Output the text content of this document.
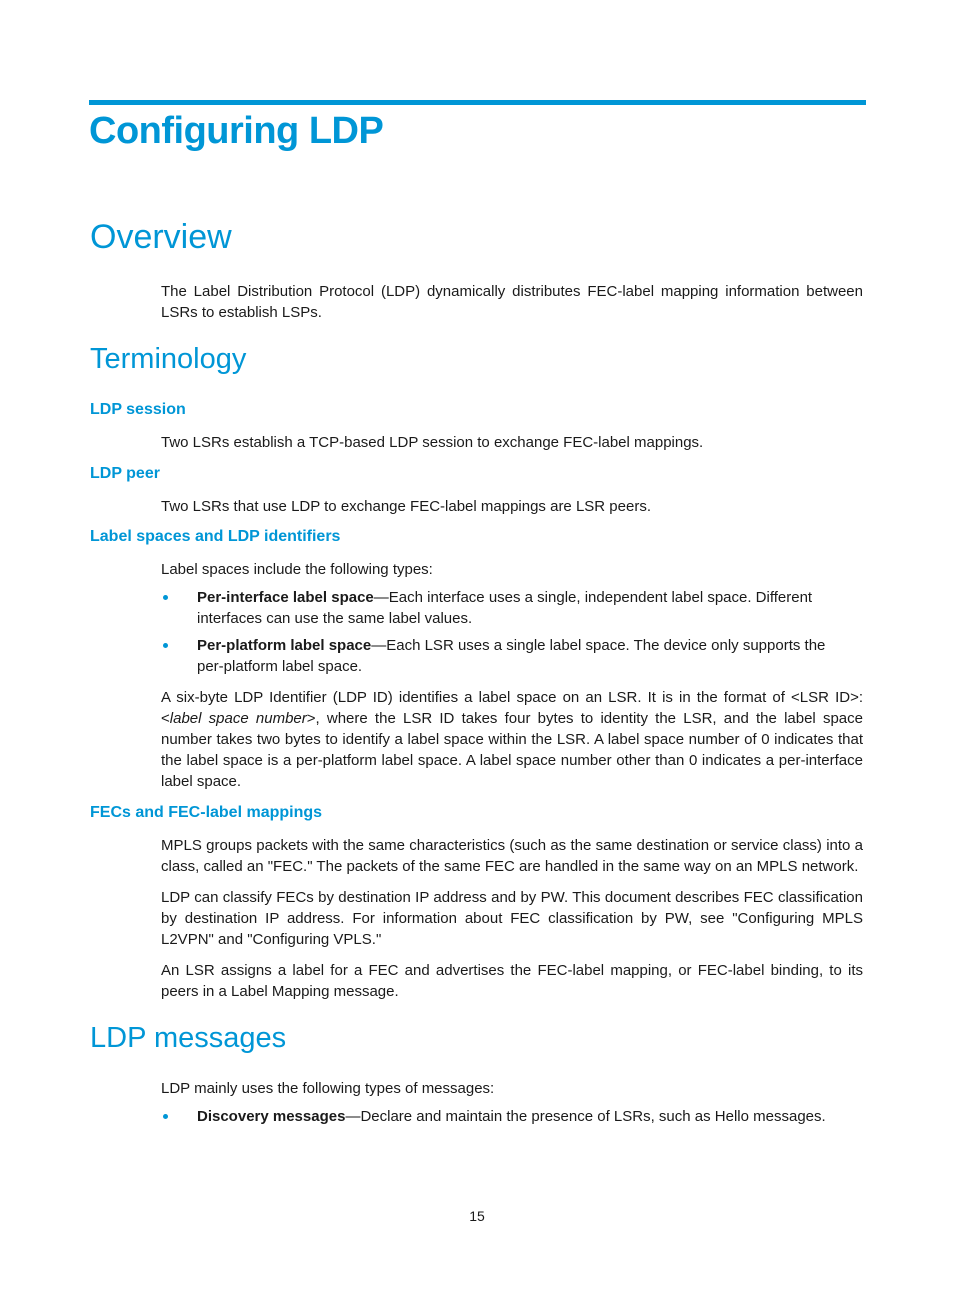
Configuring LDP
Overview

The Label Distribution Protocol (LDP) dynamically distributes FEC-label mapping information between LSRs to establish LSPs.

Terminology
LDP session

Two LSRs establish a TCP-based LDP session to exchange FEC-label mappings.

LDP peer

Two LSRs that use LDP to exchange FEC-label mappings are LSR peers.

Label spaces and LDP identifiers

Label spaces include the following types:

Per-interface label space—Each interface uses a single, independent label space. Different interfaces can use the same label values.
Per-platform label space—Each LSR uses a single label space. The device only supports the per-platform label space.

A six-byte LDP Identifier (LDP ID) identifies a label space on an LSR. It is in the format of <LSR ID>:<label space number>, where the LSR ID takes four bytes to identity the LSR, and the label space number takes two bytes to identify a label space within the LSR. A label space number of 0 indicates that the label space is a per-platform label space. A label space number other than 0 indicates a per-interface label space.

FECs and FEC-label mappings

MPLS groups packets with the same characteristics (such as the same destination or service class) into a class, called an "FEC." The packets of the same FEC are handled in the same way on an MPLS network.

LDP can classify FECs by destination IP address and by PW. This document describes FEC classification by destination IP address. For information about FEC classification by PW, see "Configuring MPLS L2VPN" and "Configuring VPLS."

An LSR assigns a label for a FEC and advertises the FEC-label mapping, or FEC-label binding, to its peers in a Label Mapping message.

LDP messages

LDP mainly uses the following types of messages:

Discovery messages—Declare and maintain the presence of LSRs, such as Hello messages.

15
